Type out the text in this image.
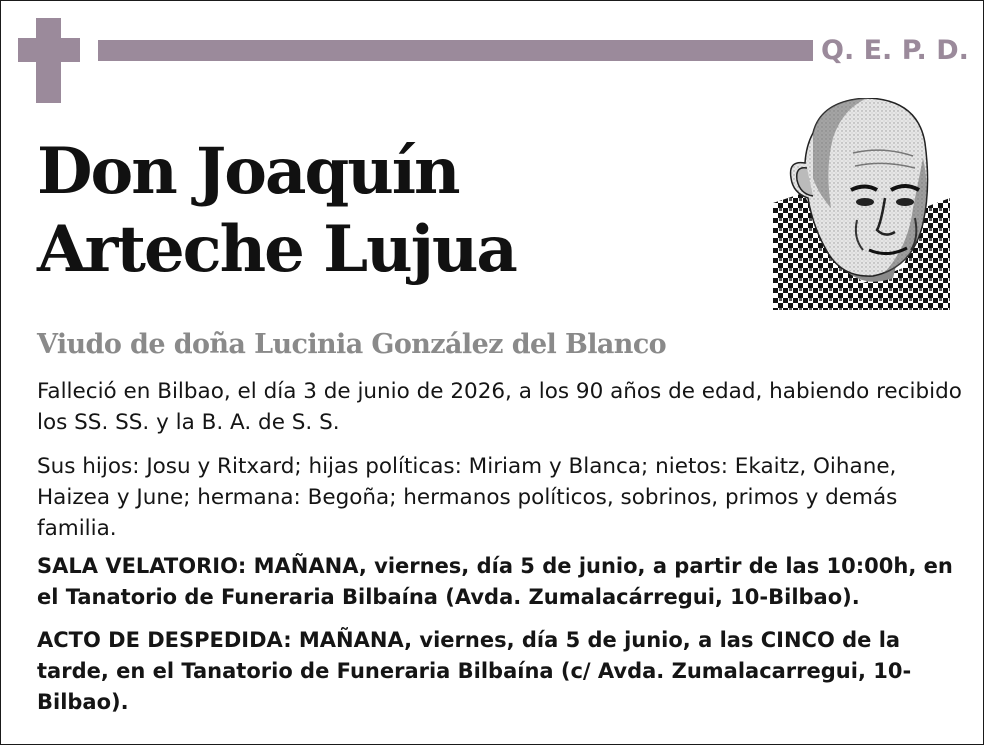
Q. E. P. D.
Don Joaquín
Arteche Lujua
Viudo de doña Lucinia González del Blanco
Falleció en Bilbao, el día 3 de junio de 2026, a los 90 años de edad, habiendo recibido los SS. SS. y la B. A. de S. S.
Sus hijos: Josu y Ritxard; hijas políticas: Miriam y Blanca; nietos: Ekaitz, Oihane, Haizea y June; hermana: Begoña; hermanos políticos, sobrinos, primos y demás familia.
SALA VELATORIO: MAÑANA, viernes, día 5 de junio, a partir de las 10:00h, en el Tanatorio de Funeraria Bilbaína (Avda. Zumalacárregui, 10-Bilbao).
ACTO DE DESPEDIDA: MAÑANA, viernes, día 5 de junio, a las CINCO de la tarde, en el Tanatorio de Funeraria Bilbaína (c/ Avda. Zumalacarregui, 10-Bilbao).
